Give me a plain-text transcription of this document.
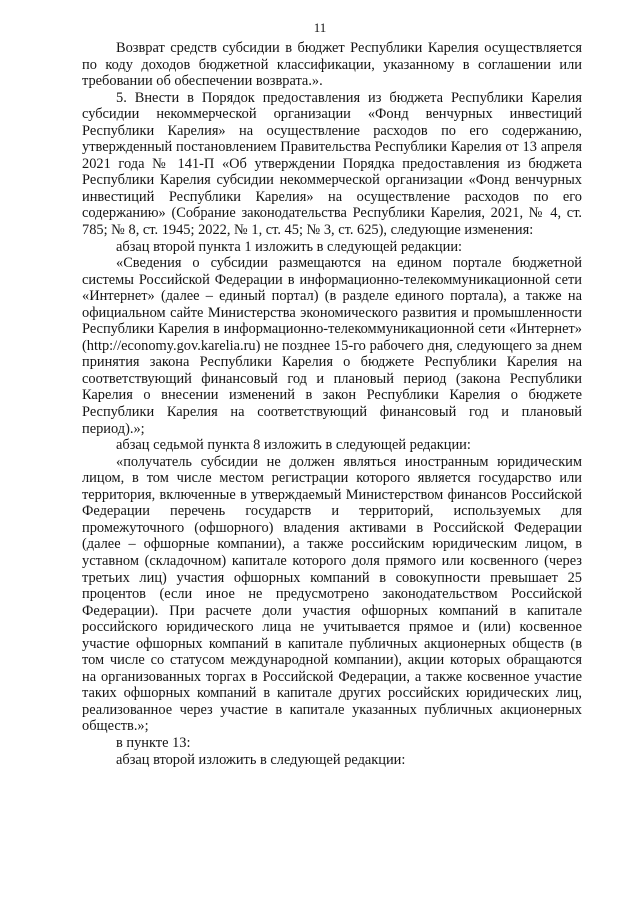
11

Возврат средств субсидии в бюджет Республики Карелия осуществляется по коду доходов бюджетной классификации, указанному в соглашении или требовании об обеспечении возврата.».

5. Внести в Порядок предоставления из бюджета Республики Карелия субсидии некоммерческой организации «Фонд венчурных инвестиций Республики Карелия» на осуществление расходов по его содержанию, утвержденный постановлением Правительства Республики Карелия от 13 апреля 2021 года № 141-П «Об утверждении Порядка предоставления из бюджета Республики Карелия субсидии некоммерческой организации «Фонд венчурных инвестиций Республики Карелия» на осуществление расходов по его содержанию» (Собрание законодательства Республики Карелия, 2021, № 4, ст. 785; № 8, ст. 1945; 2022, № 1, ст. 45; № 3, ст. 625), следующие изменения:

абзац второй пункта 1 изложить в следующей редакции:

«Сведения о субсидии размещаются на едином портале бюджетной системы Российской Федерации в информационно-телекоммуникационной сети «Интернет» (далее – единый портал) (в разделе единого портала), а также на официальном сайте Министерства экономического развития и промышленности Республики Карелия в информационно-телекоммуникационной сети «Интернет» (http://economy.gov.karelia.ru) не позднее 15-го рабочего дня, следующего за днем принятия закона Республики Карелия о бюджете Республики Карелия на соответствующий финансовый год и плановый период (закона Республики Карелия о внесении изменений в закон Республики Карелия о бюджете Республики Карелия на соответствующий финансовый год и плановый период).»;

абзац седьмой пункта 8 изложить в следующей редакции:

«получатель субсидии не должен являться иностранным юридическим лицом, в том числе местом регистрации которого является государство или территория, включенные в утверждаемый Министерством финансов Российской Федерации перечень государств и территорий, используемых для промежуточного (офшорного) владения активами в Российской Федерации (далее – офшорные компании), а также российским юридическим лицом, в уставном (складочном) капитале которого доля прямого или косвенного (через третьих лиц) участия офшорных компаний в совокупности превышает 25 процентов (если иное не предусмотрено законодательством Российской Федерации). При расчете доли участия офшорных компаний в капитале российского юридического лица не учитывается прямое и (или) косвенное участие офшорных компаний в капитале публичных акционерных обществ (в том числе со статусом международной компании), акции которых обращаются на организованных торгах в Российской Федерации, а также косвенное участие таких офшорных компаний в капитале других российских юридических лиц, реализованное через участие в капитале указанных публичных акционерных обществ.»;

в пункте 13:

абзац второй изложить в следующей редакции:
